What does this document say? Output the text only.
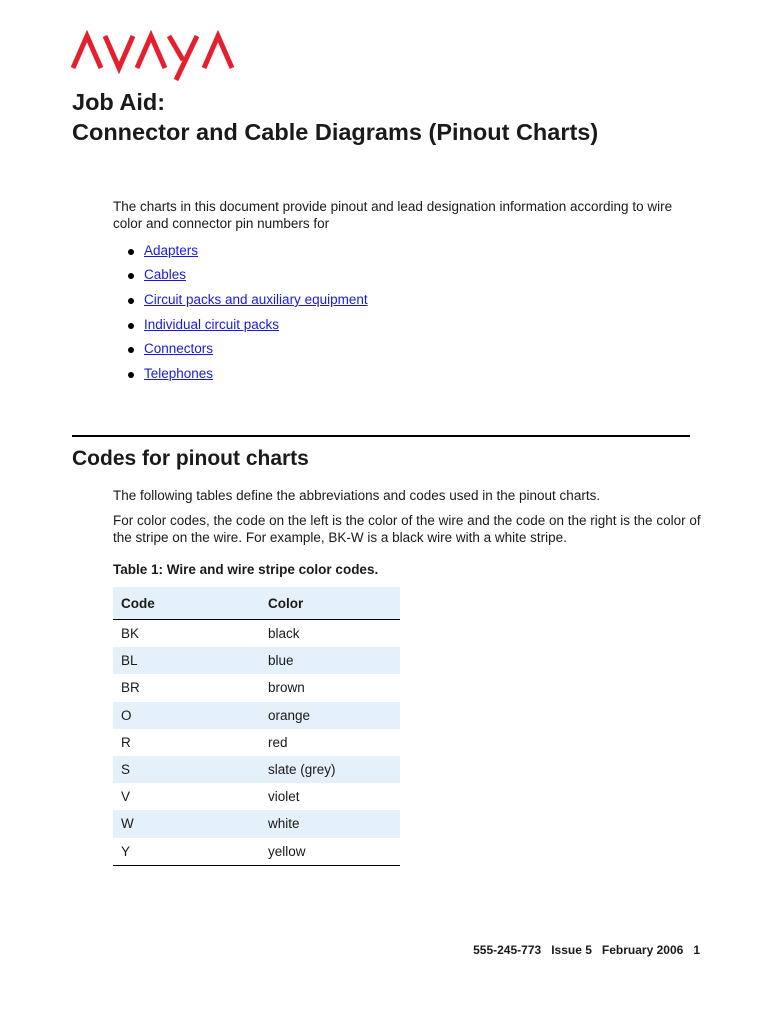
Job Aid:
Connector and Cable Diagrams (Pinout Charts)

The charts in this document provide pinout and lead designation information according to wire color and connector pin numbers for

Adapters
Cables
Circuit packs and auxiliary equipment
Individual circuit packs
Connectors
Telephones
Codes for pinout charts

The following tables define the abbreviations and codes used in the pinout charts.

For color codes, the code on the left is the color of the wire and the code on the right is the color of the stripe on the wire. For example, BK-W is a black wire with a white stripe.

Table 1: Wire and wire stripe color codes.

Code	Color
BK	black
BL	blue
BR	brown
O	orange
R	red
S	slate (grey)
V	violet
W	white
Y	yellow

555-245-773 Issue 5 February 2006 1
